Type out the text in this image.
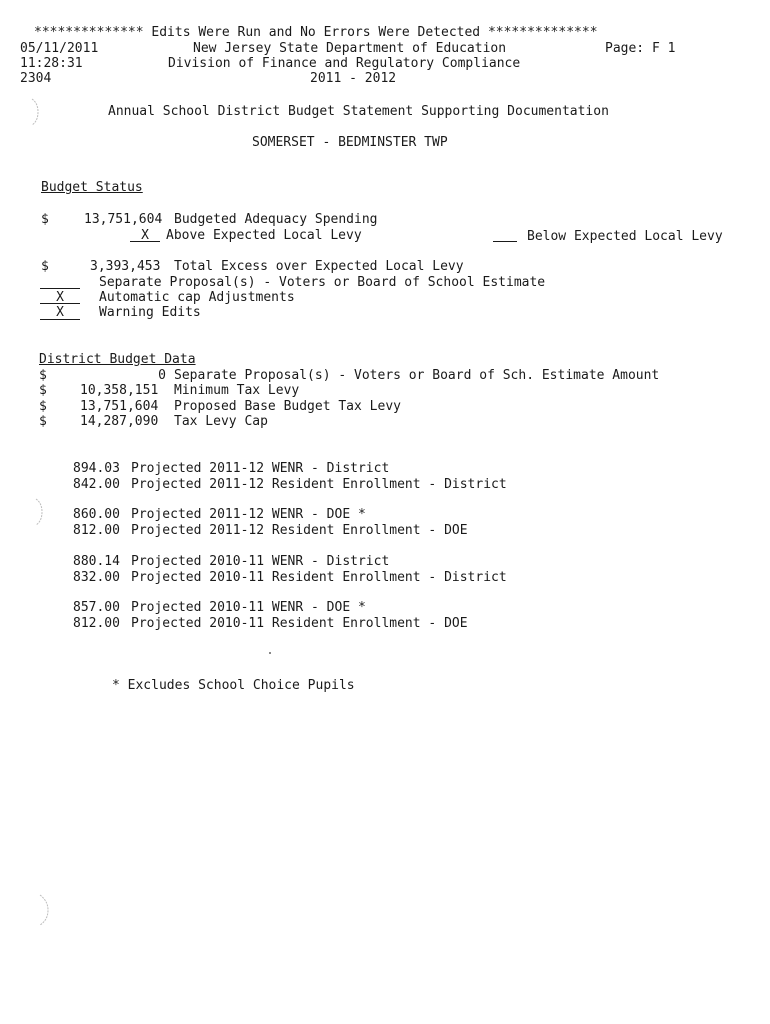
************** Edits Were Run and No Errors Were Detected **************
05/11/2011	New Jersey State Department of Education	Page: F 1
11:28:31	Division of Finance and Regulatory Compliance
2304	2011 - 2012
Annual School District Budget Statement Supporting Documentation
SOMERSET - BEDMINSTER TWP
Budget Status
$	13,751,604 Budgeted Adequacy Spending
X	Above Expected Local Levy	Below Expected Local Levy
$	3,393,453 Total Excess over Expected Local Levy
Separate Proposal(s) - Voters or Board of School Estimate
X	Automatic cap Adjustments
X	Warning Edits
District Budget Data
$	0 Separate Proposal(s) - Voters or Board of Sch. Estimate Amount
$	10,358,151 Minimum Tax Levy
$	13,751,604 Proposed Base Budget Tax Levy
$	14,287,090 Tax Levy Cap
894.03 Projected 2011-12 WENR - District
842.00 Projected 2011-12 Resident Enrollment - District
860.00 Projected 2011-12 WENR - DOE *
812.00 Projected 2011-12 Resident Enrollment - DOE
880.14 Projected 2010-11 WENR - District
832.00 Projected 2010-11 Resident Enrollment - District
857.00 Projected 2010-11 WENR - DOE *
812.00 Projected 2010-11 Resident Enrollment - DOE
* Excludes School Choice Pupils
